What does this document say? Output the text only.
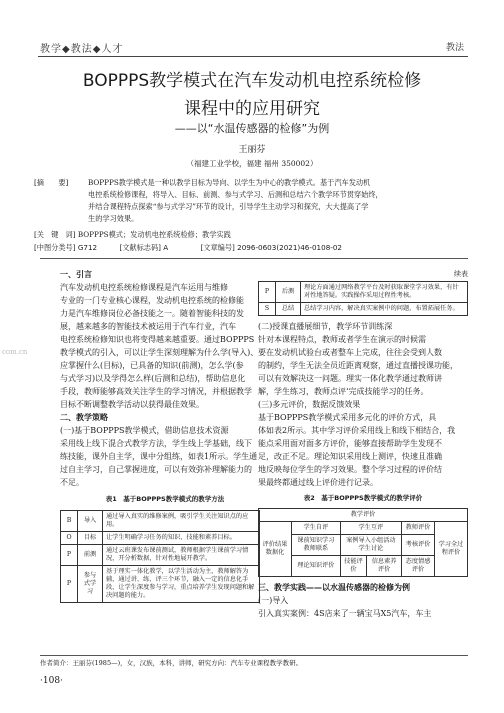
教学◆教法◆人才	教法
BOPPPS教学模式在汽车发动机电控系统检修
课程中的应用研究
——以“水温传感器的检修”为例
王丽芬
（福建工业学校，福建 福州 350002）
[摘　　要]	BOPPPS教学模式是一种以教学目标为导向、以学生为中心的教学模式。基于汽车发动机
电控系统检修课程，将导入、目标、前测、参与式学习、后测和总结六个教学环节贯穿始终，
并结合课程特点探索“参与式学习”环节的设计，引导学生主动学习和探究，大大提高了学
生的学习效果。
[关　键　词] BOPPPS模式；发动机电控系统检修；教学实践
[中图分类号] G712	[文献标志码] A	[文章编号] 2096-0603(2021)46-0108-02
一、引言
汽车发动机电控系统检修课程是汽车运用与维修
专业的一门专业核心课程，发动机电控系统的检修能
力是汽车维修岗位必备技能之一。随着智能科技的发
展，越来越多的智能技术被运用于汽车行业，汽车
电控系统检修知识也将变得越来越重要。通过BOPPPS
教学模式的引入，可以让学生深刻理解为什么学(导入)、
应掌握什么(目标)，已具备的知识(前测)，怎么学(参
与式学习)以及学得怎么样(后测和总结)，帮助信息化
手段，教师能够高效关注学生的学习情况，并根据教学
目标不断调整教学活动以获得最佳效果。
二、教学策略
(一)基于BOPPPS教学模式，借助信息技术资源
采用线上线下混合式教学方法，学生线上学基础，线下
练技能，课外自主学，课中分组练，如表1所示。学生通
过自主学习，自己掌握进度，可以有效弥补理解能力的
不足。
表1　基于BOPPPS教学模式的教学方法
B	导入	通过导入真实的维修案例，吸引学生关注知识点的应用。
O	目标	让学生明确学习任务的知识、技能和素养目标。
P	前测	通过云班课发布课前测试，教师根据学生课前学习情况，开分析数据，针对性地展开教学。
P	参与式学习	基于理实一体化教学，以学生活动为主，教师解答为辅，通过讲、练、评三个环节，融入一定的信息化手段，让学生深度参与学习，重点培养学生发现问题和解决问题的能力。
com.cn
续表
P	后测	理论方面通过网络教学平台及时获取课堂学习效果，有针对性地答疑。实践操作采用过程性考核。
S	总结	总结学习内容，解决真实案例中的问题，布置拓展任务。
(二)授课直播展细节，教学环节训练深
针对本课程特点，教师或者学生在演示的时候需
要在发动机试验台或者整车上完成，往往会受到人数
的制约，学生无法全员近距离观察，通过直播授课功能，
可以有效解决这一问题。理实一体化教学通过教师讲
解，学生练习，教师点评‘完成技能学习的任务。
(三)多元评价，数据反馈效果
基于BOPPPS教学模式采用多元化的评价方式，具
体如表2所示。其中学习评价采用线上和线下相结合，我
能点采用面对面多方评价，能够直接帮助学生发现不
足，改正不足。理论知识采用线上测评，快速且准确
地反映每位学生的学习效果。整个学习过程的评价结
果最终都通过线上评价进行记录。
表2　基于BOPPPS教学模式的教学评价
教学评价					
评价结果数据化	学生自评	学生互评		教师评价	学习全过程评价
	课前知识学习教师联系	案例导入小组活动学生讨论		考核评价	
	理论知识评价	技能评价	信息素养评价	态度情感评价	
三、教学实践——以水温传感器的检修为例
(一)导入
引入真实案例：4S店来了一辆宝马X5汽车，车主
作者简介：王丽芬(1985—)，女，汉族，本科，讲师，研究方向：汽车专业课程教学教研。
·108·
